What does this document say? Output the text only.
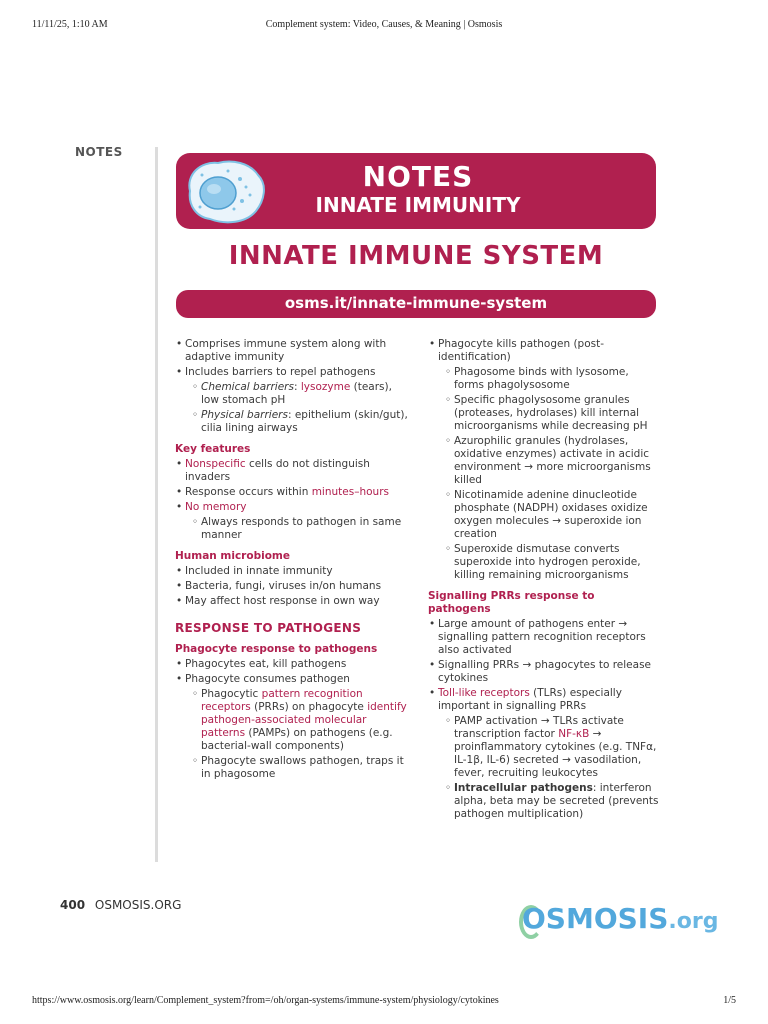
11/11/25, 1:10 AM	Complement system: Video, Causes, & Meaning | Osmosis
NOTES
NOTES
INNATE IMMUNITY
INNATE IMMUNE SYSTEM
osms.it/innate-immune-system
• Comprises immune system along with adaptive immunity
• Includes barriers to repel pathogens
◦ Chemical barriers: lysozyme (tears), low stomach pH
◦ Physical barriers: epithelium (skin/gut), cilia lining airways
Key features
• Nonspecific cells do not distinguish invaders
• Response occurs within minutes–hours
• No memory
◦ Always responds to pathogen in same manner
Human microbiome
• Included in innate immunity
• Bacteria, fungi, viruses in/on humans
• May affect host response in own way
RESPONSE TO PATHOGENS
Phagocyte response to pathogens
• Phagocytes eat, kill pathogens
• Phagocyte consumes pathogen
◦ Phagocytic pattern recognition receptors (PRRs) on phagocyte identify pathogen-associated molecular patterns (PAMPs) on pathogens (e.g. bacterial-wall components)
◦ Phagocyte swallows pathogen, traps it in phagosome
• Phagocyte kills pathogen (post-identification)
◦ Phagosome binds with lysosome, forms phagolysosome
◦ Specific phagolysosome granules (proteases, hydrolases) kill internal microorganisms while decreasing pH
◦ Azurophilic granules (hydrolases, oxidative enzymes) activate in acidic environment → more microorganisms killed
◦ Nicotinamide adenine dinucleotide phosphate (NADPH) oxidases oxidize oxygen molecules → superoxide ion creation
◦ Superoxide dismutase converts superoxide into hydrogen peroxide, killing remaining microorganisms
Signalling PRRs response to pathogens
• Large amount of pathogens enter → signalling pattern recognition receptors also activated
• Signalling PRRs → phagocytes to release cytokines
• Toll-like receptors (TLRs) especially important in signalling PRRs
◦ PAMP activation → TLRs activate transcription factor NF-κB → proinflammatory cytokines (e.g. TNFα, IL-1β, IL-6) secreted → vasodilation, fever, recruiting leukocytes
◦ Intracellular pathogens: interferon alpha, beta may be secreted (prevents pathogen multiplication)
400 OSMOSIS.ORG	OSMOSIS.org
https://www.osmosis.org/learn/Complement_system?from=/oh/organ-systems/immune-system/physiology/cytokines	1/5
